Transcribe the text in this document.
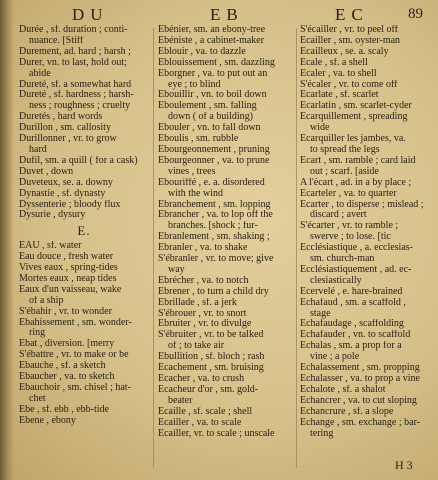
DU	EB	EC	89
Durée , sf. duration ; conti-
nuance. [Stiff
Durement, ad. hard ; harsh ;
Durer, vn. to last, hold out;
abide
Dureté, sf. a somewhat hard
Dureté , sf. hardness ; harsh-
ness ; roughness ; cruelty
Duretés , hard words
Durillon , sm. callosity
Durillonner , vr. to grow
hard
Dufil, sm. a quill ( for a cask)
Duvet , down
Duveteux, se. a. downy
Dynastie , sf. dynasty
Dyssenterie ; bloody flux
Dysurie , dysury
E.
EAU , sf. water
Eau douce , fresh water
Vives eaux , spring-tides
Mortes eaux , neap tides
Eaux d'un vaisseau, wake
of a ship
S'ébahir , vr. to wonder
Ebahissement , sm. wonder-
ring
Ebat , diversion. [merry
S'ébattre , vr. to make or be
Ebauche , sf. a sketch
Ebaucher , va. to sketch
Ebauchoir , sm. chisel ; hat-
chet
Ebe , sf. ebb , ebb-tide
Ebene , ebony
Ebénier, sm. an ebony-tree
Ebéniste , a cabinet-maker
Eblouir , va. to dazzle
Eblouissement , sm. dazzling
Eborgner , va. to put out an
eye ; to blind
Ebouillir , vn. to boil down
Eboulement , sm. falling
down ( of a building)
Ebouler , vn. to fall down
Eboulis , sm. rubble
Ebourgeonnement , pruning
Ebourgeonner , va. to prune
vines , trees
Ebouriffé , e. a. disordered
with the wind
Ebranchement , sm. lopping
Ebrancher , va. to lop off the
branches. [shock ; fur-
Ebranlement , sm. shaking ;
Ebranler , va. to shake
S'ébranler , vr. to move; give
way
Ebrécher , va. to notch
Ebrener , to turn a child dry
Ebrillade , sf. a jerk
S'ébrouer , vr. to snort
Ebruiter , vr. to divulge
S'ébruiter , vr. to be talked
of ; to take air
Ebullition , sf. bloch ; rash
Ecachement , sm. bruising
Ecacher , va. to crush
Ecacheur d'or , sm. gold-
beater
Ecaille , sf. scale ; shell
Ecailler , va. to scale
Ecailler, vr. to scale ; unscale
S'écailler , vr. to peel off
Ecailler , sm. oyster-man
Ecailleux , se. a. scaly
Ecale , sf. a shell
Ecaler , va. to shell
S'écaler , vr. to come off
Ecarlate , sf. scarlet
Ecarlatin , sm. scarlet-cyder
Ecarquillement , spreading
wide
Ecarquiller les jambes, va.
to spread the legs
Ecart , sm. ramble ; card laid
out ; scarf. [aside
A l'écart , ad. in a by place ;
Ecarteler , va. to quarter
Ecarter , to disperse ; mislead ;
discard ; avert
S'écarter , vr. to ramble ;
swerve ; to lose. [tic
Ecclésiastique , a. ecclesias-
sm. church-man
Ecclésiastiquement , ad. ec-
clesiastically
Ecervelé , e. hare-brained
Echafaud , sm. a scaffold ,
stage
Echafaudage , scaffolding
Echafauder , vn. to scaffold
Echalas , sm. a prop for a
vine ; a pole
Echalassement , sm. propping
Echalasser , va. to prop a vine
Echalote , sf. a shalot
Echancrer , va. to cut sloping
Echancrure , sf. a slope
Echange , sm. exchange ; bar-
tering
H 3
